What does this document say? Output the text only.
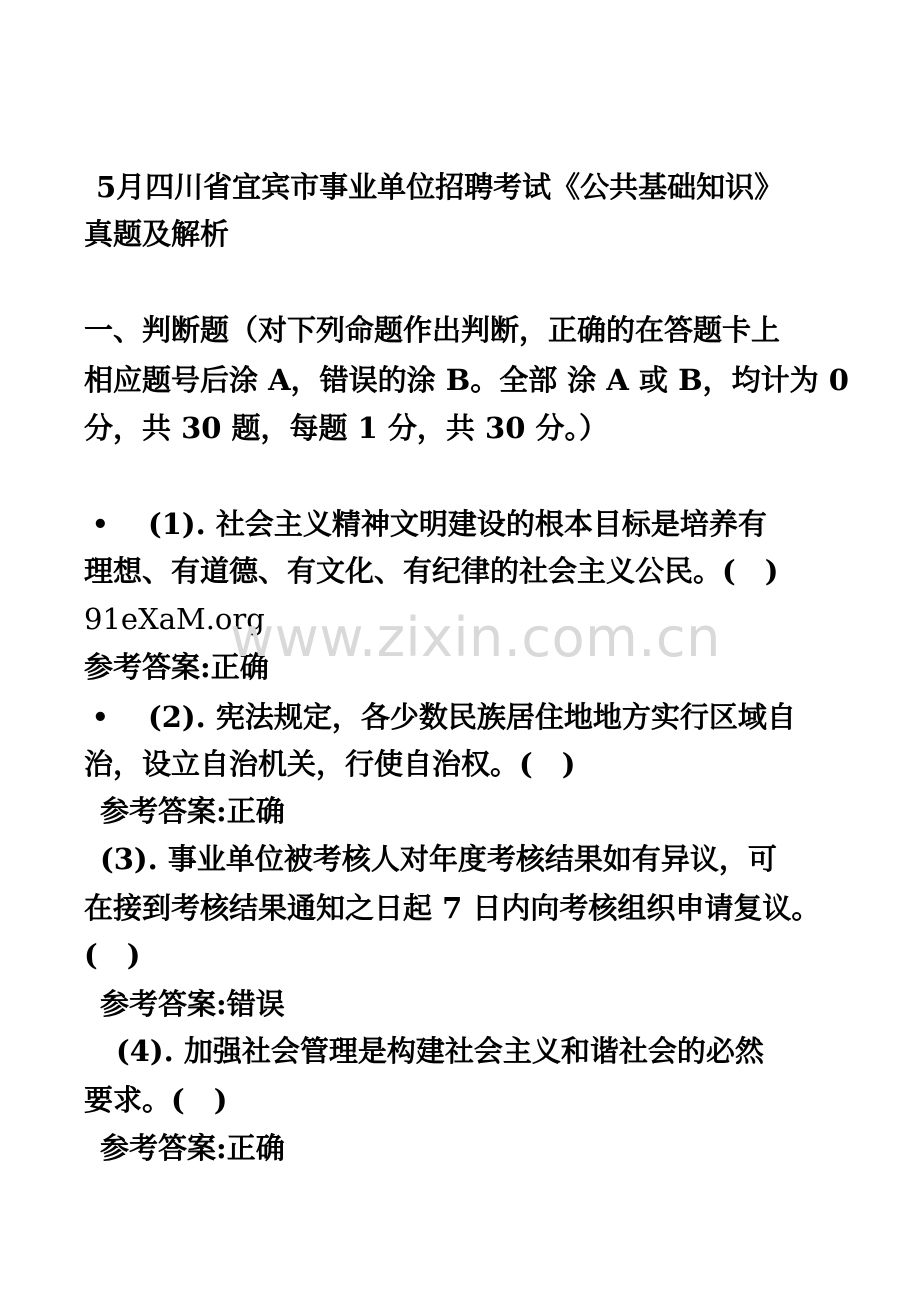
5月四川省宜宾市事业单位招聘考试《公共基础知识》
真题及解析
一、判断题（对下列命题作出判断，正确的在答题卡上
相应题号后涂 A，错误的涂 B。全部 涂 A 或 B，均计为 0
分，共 30 题，每题 1 分，共 30 分。）
• (1). 社会主义精神文明建设的根本目标是培养有
理想、有道德、有文化、有纪律的社会主义公民。(　)
91eXaM.org
参考答案:正确
• (2). 宪法规定，各少数民族居住地地方实行区域自
治，设立自治机关，行使自治权。(　)
参考答案:正确
(3). 事业单位被考核人对年度考核结果如有异议，可
在接到考核结果通知之日起 7 日内向考核组织申请复议。
(　)
参考答案:错误
(4). 加强社会管理是构建社会主义和谐社会的必然
要求。(　)
参考答案:正确
www.zixin.com.cn
